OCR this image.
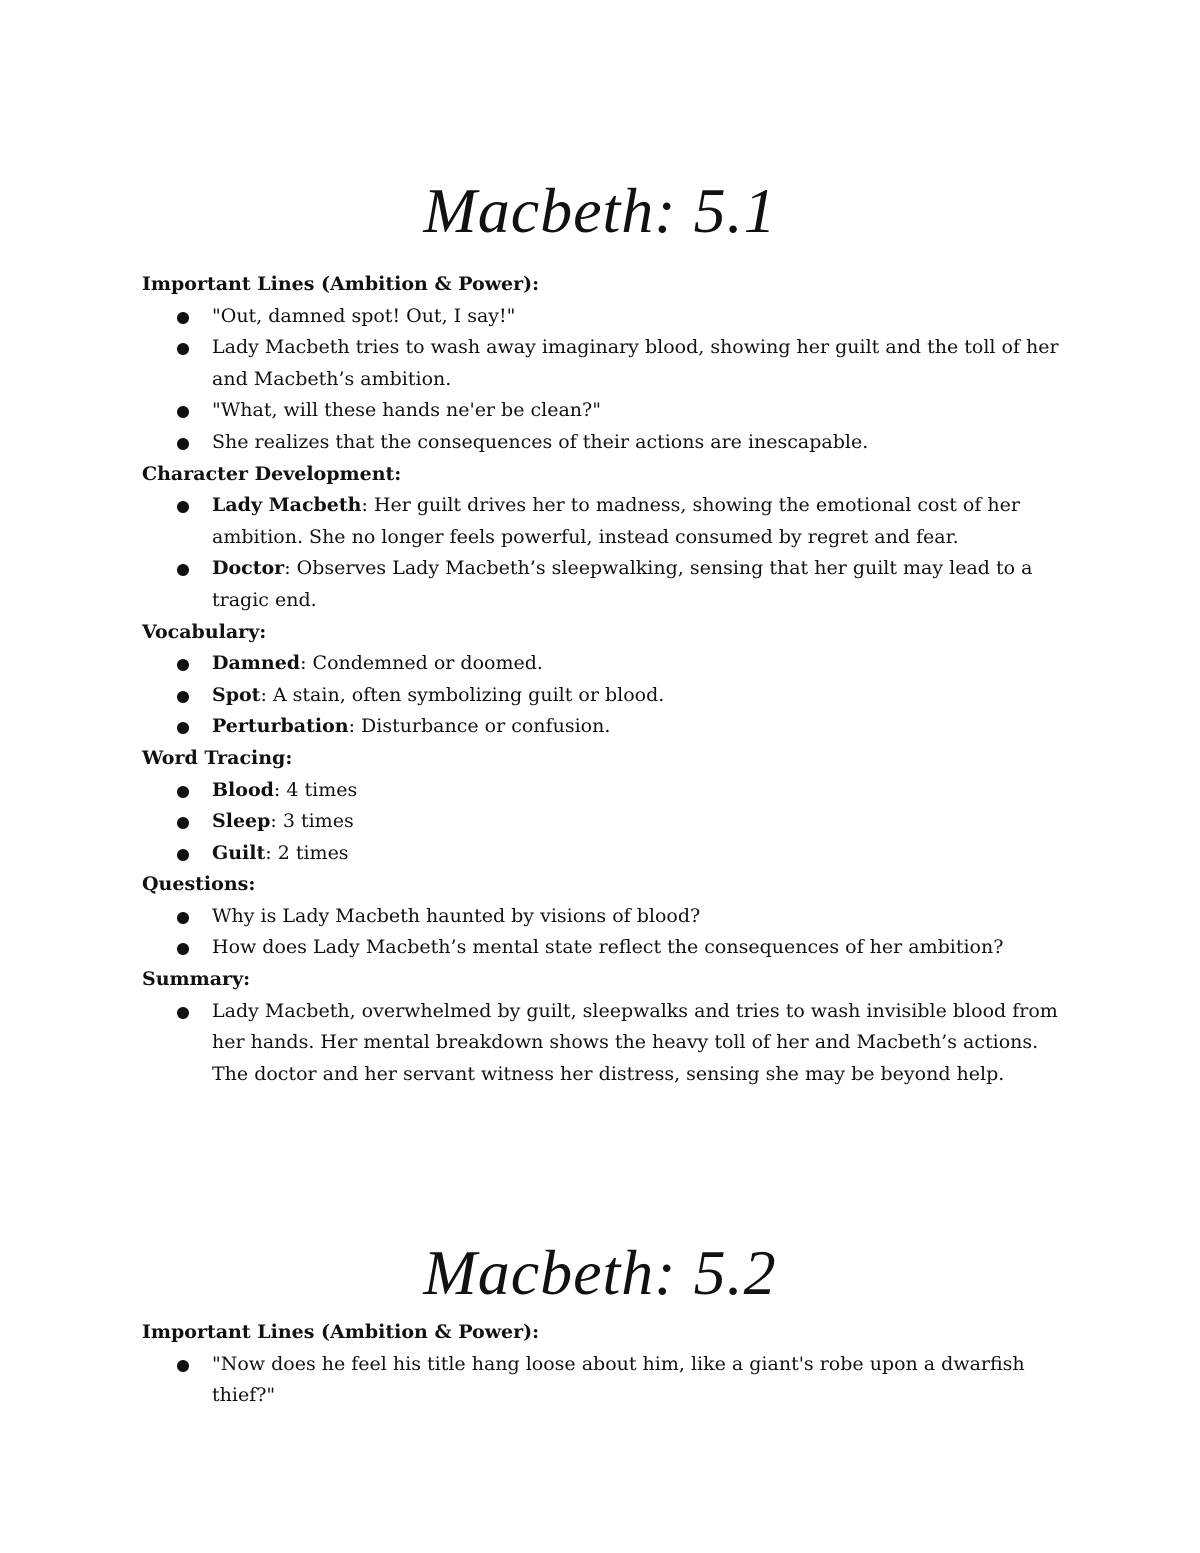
Macbeth: 5.1

Important Lines (Ambition & Power):

"Out, damned spot! Out, I say!"
Lady Macbeth tries to wash away imaginary blood, showing her guilt and the toll of her and Macbeth’s ambition.
"What, will these hands ne'er be clean?"
She realizes that the consequences of their actions are inescapable.

Character Development:

Lady Macbeth: Her guilt drives her to madness, showing the emotional cost of her ambition. She no longer feels powerful, instead consumed by regret and fear.
Doctor: Observes Lady Macbeth’s sleepwalking, sensing that her guilt may lead to a tragic end.

Vocabulary:

Damned: Condemned or doomed.
Spot: A stain, often symbolizing guilt or blood.
Perturbation: Disturbance or confusion.

Word Tracing:

Blood: 4 times
Sleep: 3 times
Guilt: 2 times

Questions:

Why is Lady Macbeth haunted by visions of blood?
How does Lady Macbeth’s mental state reflect the consequences of her ambition?

Summary:

Lady Macbeth, overwhelmed by guilt, sleepwalks and tries to wash invisible blood from her hands. Her mental breakdown shows the heavy toll of her and Macbeth’s actions. The doctor and her servant witness her distress, sensing she may be beyond help.
Macbeth: 5.2

Important Lines (Ambition & Power):

"Now does he feel his title hang loose about him, like a giant's robe upon a dwarfish thief?"
